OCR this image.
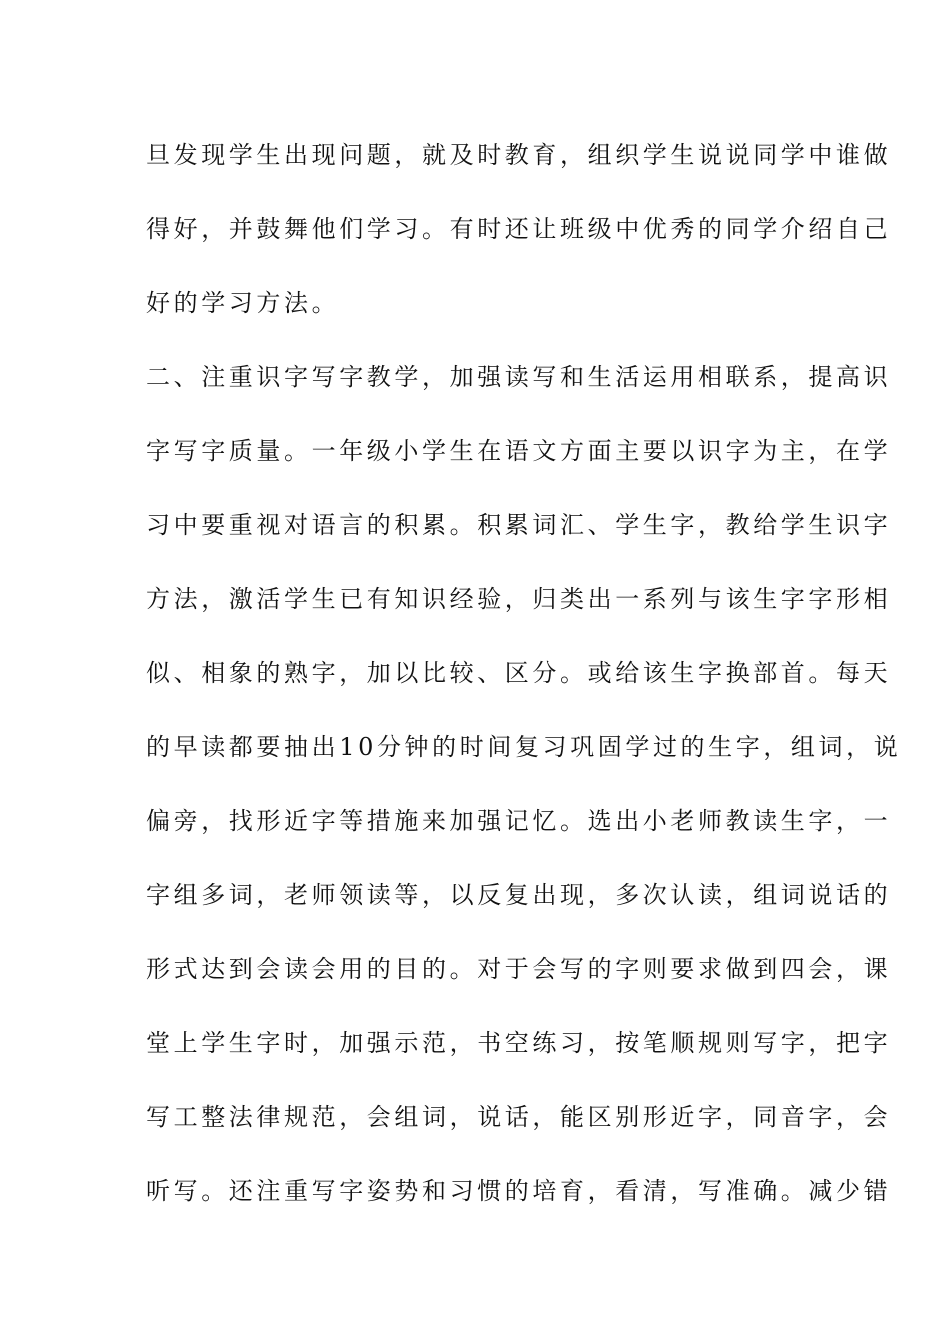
旦发现学生出现问题，就及时教育，组织学生说说同学中谁做
得好，并鼓舞他们学习。有时还让班级中优秀的同学介绍自己
好的学习方法。
二、注重识字写字教学，加强读写和生活运用相联系，提高识
字写字质量。一年级小学生在语文方面主要以识字为主，在学
习中要重视对语言的积累。积累词汇、学生字，教给学生识字
方法，激活学生已有知识经验，归类出一系列与该生字字形相
似、相象的熟字，加以比较、区分。或给该生字换部首。每天
的早读都要抽出10分钟的时间复习巩固学过的生字，组词，说
偏旁，找形近字等措施来加强记忆。选出小老师教读生字，一
字组多词，老师领读等，以反复出现，多次认读，组词说话的
形式达到会读会用的目的。对于会写的字则要求做到四会，课
堂上学生字时，加强示范，书空练习，按笔顺规则写字，把字
写工整法律规范，会组词，说话，能区别形近字，同音字，会
听写。还注重写字姿势和习惯的培育，看清，写准确。减少错
